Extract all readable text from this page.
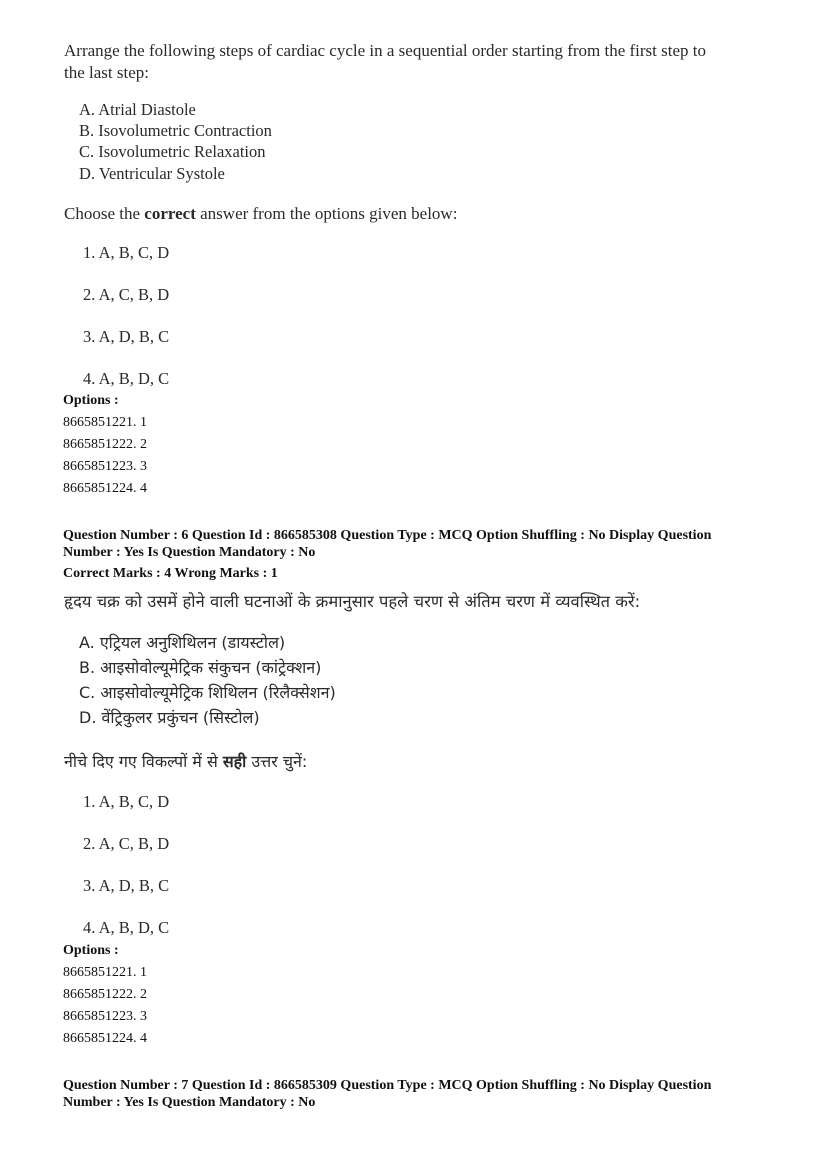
Arrange the following steps of cardiac cycle in a sequential order starting from the first step to
the last step:
A. Atrial Diastole
B. Isovolumetric Contraction
C. Isovolumetric Relaxation
D. Ventricular Systole
Choose the correct answer from the options given below:
1. A, B, C, D
2. A, C, B, D
3. A, D, B, C
4. A, B, D, C
Options :
8665851221. 1
8665851222. 2
8665851223. 3
8665851224. 4
Question Number : 6 Question Id : 866585308 Question Type : MCQ Option Shuffling : No Display Question
Number : Yes Is Question Mandatory : No
Correct Marks : 4 Wrong Marks : 1
हृदय चक्र को उसमें होने वाली घटनाओं के क्रमानुसार पहले चरण से अंतिम चरण में व्यवस्थित करें:
A. एट्रियल अनुशिथिलन (डायस्टोल)
B. आइसोवोल्यूमेट्रिक संकुचन (कांट्रेक्शन)
C. आइसोवोल्यूमेट्रिक शिथिलन (रिलैक्सेशन)
D. वेंट्रिकुलर प्रकुंचन (सिस्टोल)
नीचे दिए गए विकल्पों में से सही उत्तर चुनें:
1. A, B, C, D
2. A, C, B, D
3. A, D, B, C
4. A, B, D, C
Options :
8665851221. 1
8665851222. 2
8665851223. 3
8665851224. 4
Question Number : 7 Question Id : 866585309 Question Type : MCQ Option Shuffling : No Display Question
Number : Yes Is Question Mandatory : No
